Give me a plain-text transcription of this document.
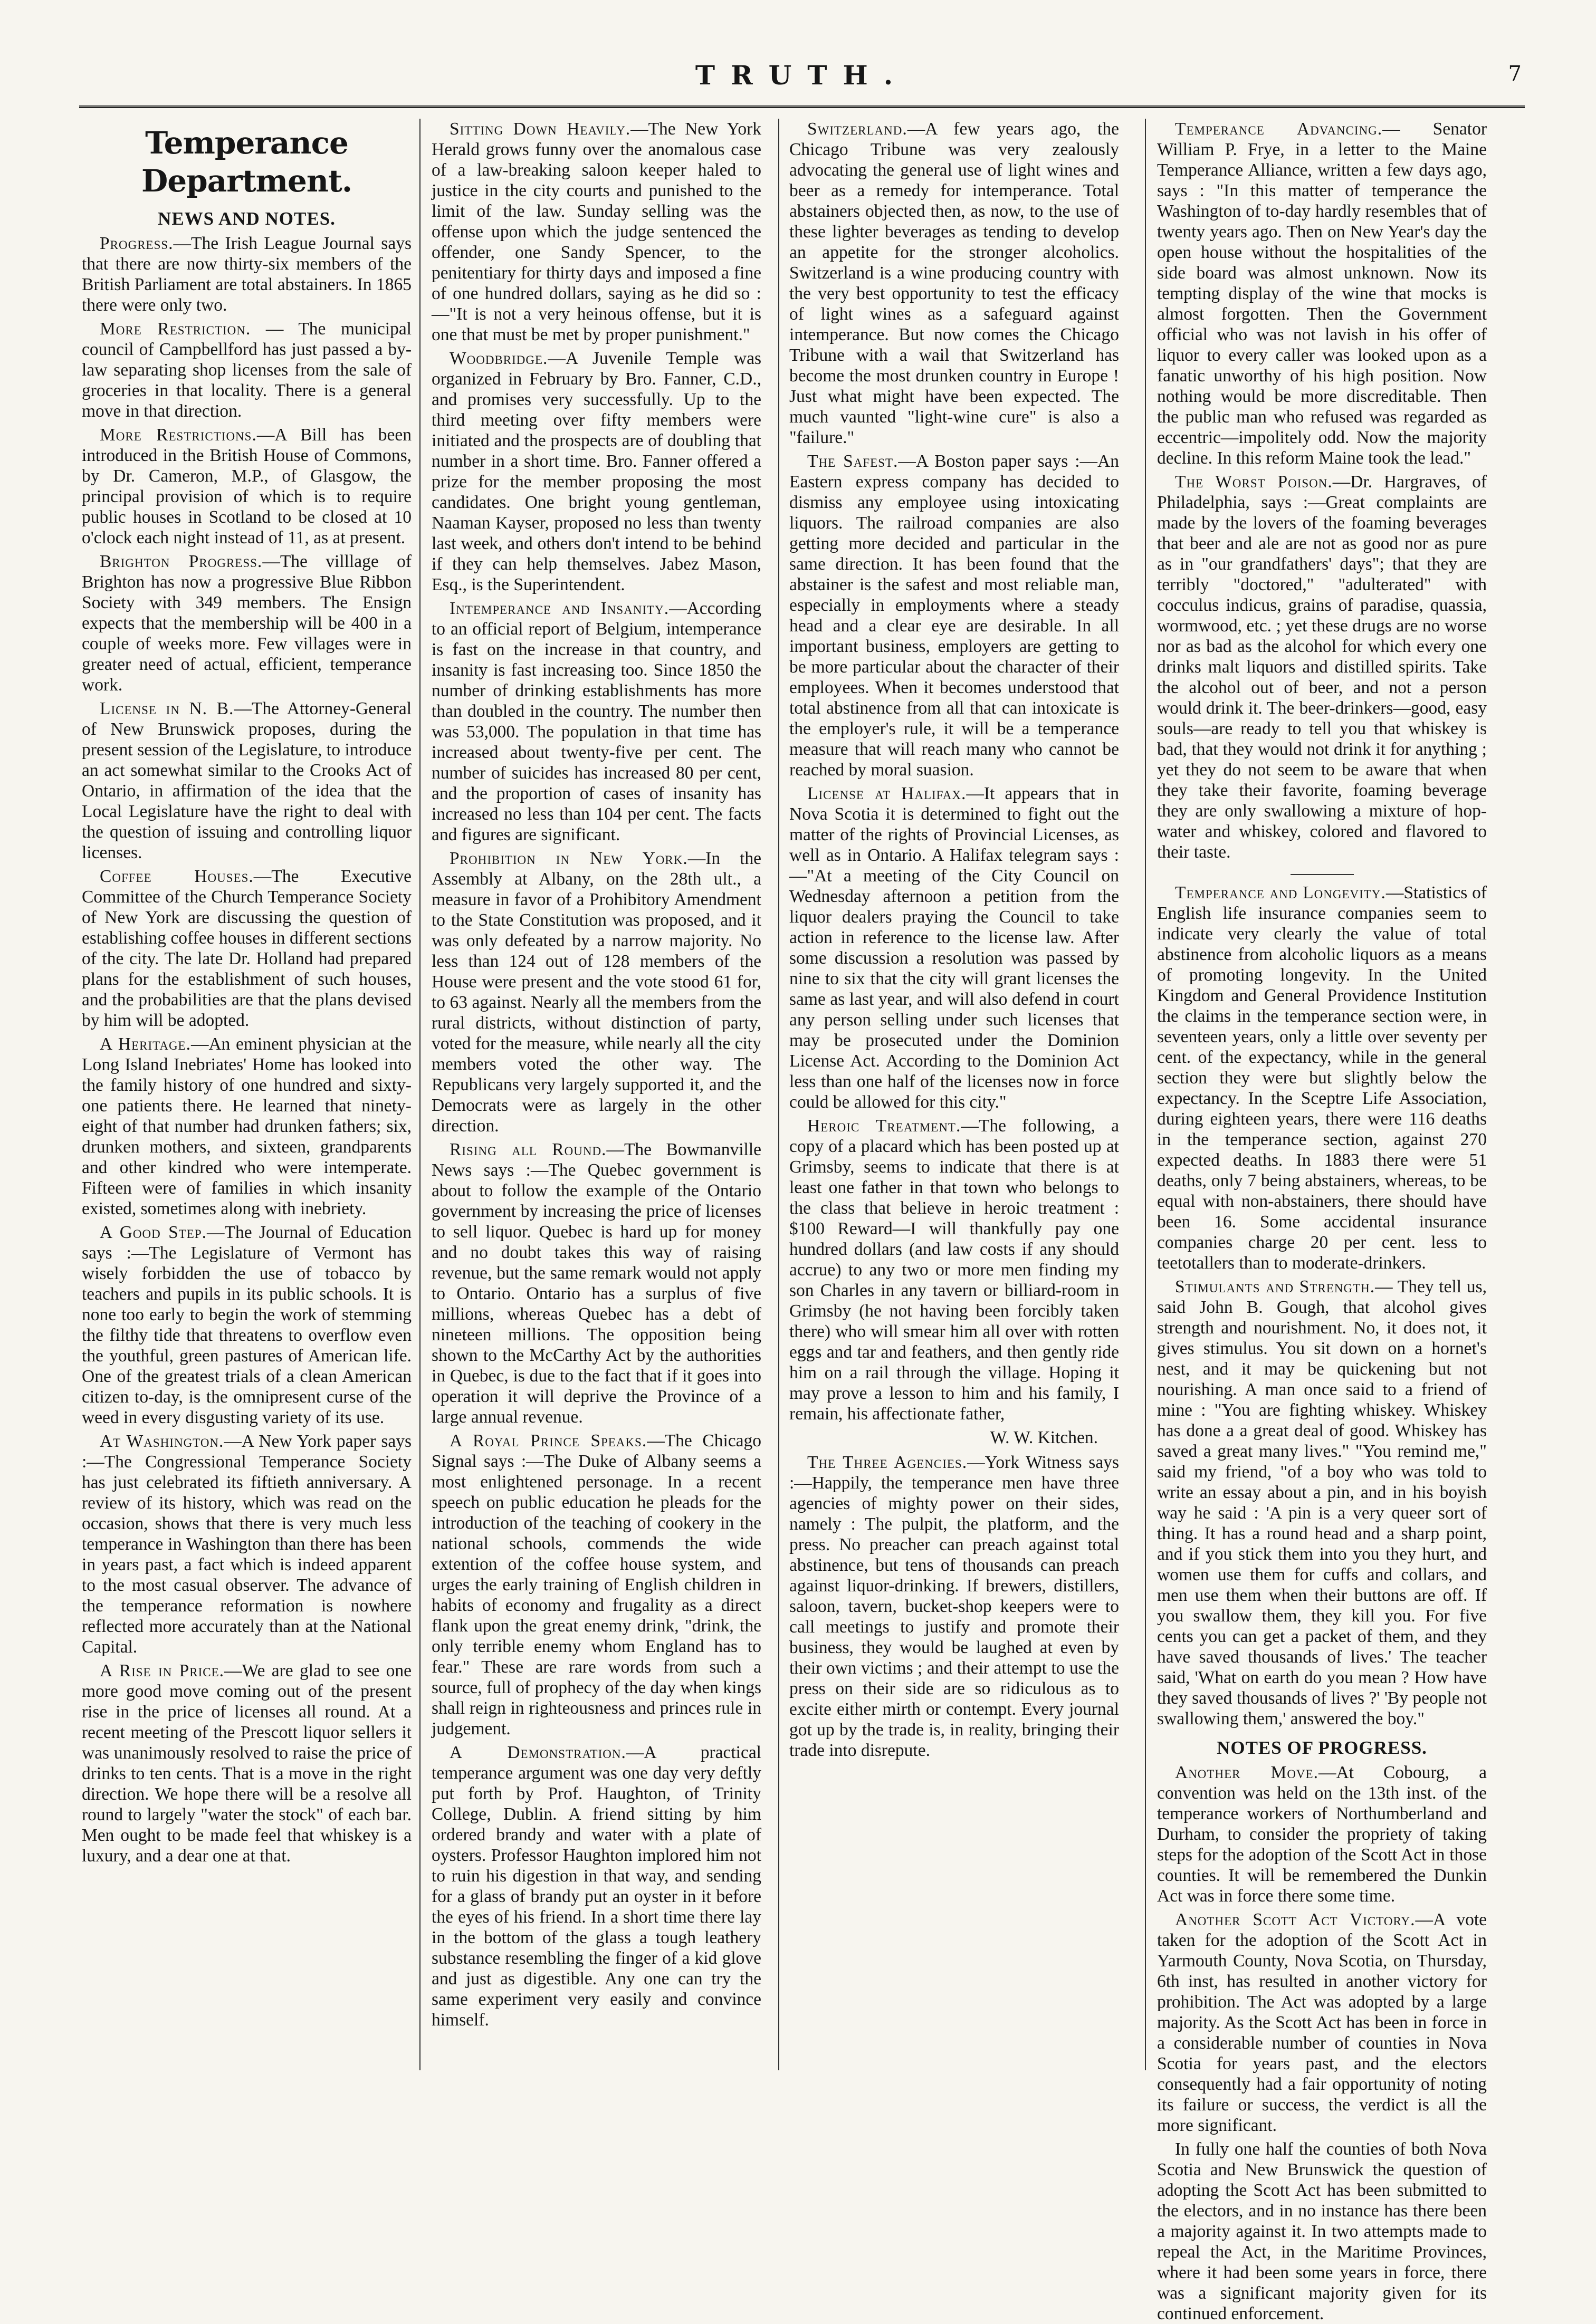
TRUTH.	7
Temperance Department.
NEWS AND NOTES.

Progress.—The Irish League Journal says that there are now thirty-six members of the British Parliament are total abstainers. In 1865 there were only two.

More Restriction. — The municipal council of Campbellford has just passed a by-law separating shop licenses from the sale of groceries in that locality. There is a general move in that direction.

More Restrictions.—A Bill has been introduced in the British House of Commons, by Dr. Cameron, M.P., of Glasgow, the principal provision of which is to require public houses in Scotland to be closed at 10 o'clock each night instead of 11, as at present.

Brighton Progress.—The villlage of Brighton has now a progressive Blue Ribbon Society with 349 members. The Ensign expects that the membership will be 400 in a couple of weeks more. Few villages were in greater need of actual, efficient, temperance work.

License in N. B.—The Attorney-General of New Brunswick proposes, during the present session of the Legislature, to introduce an act somewhat similar to the Crooks Act of Ontario, in affirmation of the idea that the Local Legislature have the right to deal with the question of issuing and controlling liquor licenses.

Coffee Houses.—The Executive Committee of the Church Temperance Society of New York are discussing the question of establishing coffee houses in different sections of the city. The late Dr. Holland had prepared plans for the establishment of such houses, and the probabilities are that the plans devised by him will be adopted.

A Heritage.—An eminent physician at the Long Island Inebriates' Home has looked into the family history of one hundred and sixty-one patients there. He learned that ninety-eight of that number had drunken fathers; six, drunken mothers, and sixteen, grandparents and other kindred who were intemperate. Fifteen were of families in which insanity existed, sometimes along with inebriety.

A Good Step.—The Journal of Education says :—The Legislature of Vermont has wisely forbidden the use of tobacco by teachers and pupils in its public schools. It is none too early to begin the work of stemming the filthy tide that threatens to overflow even the youthful, green pastures of American life. One of the greatest trials of a clean American citizen to-day, is the omnipresent curse of the weed in every disgusting variety of its use.

At Washington.—A New York paper says :—The Congressional Temperance Society has just celebrated its fiftieth anniversary. A review of its history, which was read on the occasion, shows that there is very much less temperance in Washington than there has been in years past, a fact which is indeed apparent to the most casual observer. The advance of the temperance reformation is nowhere reflected more accurately than at the National Capital.

A Rise in Price.—We are glad to see one more good move coming out of the present rise in the price of licenses all round. At a recent meeting of the Prescott liquor sellers it was unanimously resolved to raise the price of drinks to ten cents. That is a move in the right direction. We hope there will be a resolve all round to largely "water the stock" of each bar. Men ought to be made feel that whiskey is a luxury, and a dear one at that.

Sitting Down Heavily.—The New York Herald grows funny over the anomalous case of a law-breaking saloon keeper haled to justice in the city courts and punished to the limit of the law. Sunday selling was the offense upon which the judge sentenced the offender, one Sandy Spencer, to the penitentiary for thirty days and imposed a fine of one hundred dollars, saying as he did so :—"It is not a very heinous offense, but it is one that must be met by proper punishment."

Woodbridge.—A Juvenile Temple was organized in February by Bro. Fanner, C.D., and promises very successfully. Up to the third meeting over fifty members were initiated and the prospects are of doubling that number in a short time. Bro. Fanner offered a prize for the member proposing the most candidates. One bright young gentleman, Naaman Kayser, proposed no less than twenty last week, and others don't intend to be behind if they can help themselves. Jabez Mason, Esq., is the Superintendent.

Intemperance and Insanity.—According to an official report of Belgium, intemperance is fast on the increase in that country, and insanity is fast increasing too. Since 1850 the number of drinking establishments has more than doubled in the country. The number then was 53,000. The population in that time has increased about twenty-five per cent. The number of suicides has increased 80 per cent, and the proportion of cases of insanity has increased no less than 104 per cent. The facts and figures are significant.

Prohibition in New York.—In the Assembly at Albany, on the 28th ult., a measure in favor of a Prohibitory Amendment to the State Constitution was proposed, and it was only defeated by a narrow majority. No less than 124 out of 128 members of the House were present and the vote stood 61 for, to 63 against. Nearly all the members from the rural districts, without distinction of party, voted for the measure, while nearly all the city members voted the other way. The Republicans very largely supported it, and the Democrats were as largely in the other direction.

Rising all Round.—The Bowmanville News says :—The Quebec government is about to follow the example of the Ontario government by increasing the price of licenses to sell liquor. Quebec is hard up for money and no doubt takes this way of raising revenue, but the same remark would not apply to Ontario. Ontario has a surplus of five millions, whereas Quebec has a debt of nineteen millions. The opposition being shown to the McCarthy Act by the authorities in Quebec, is due to the fact that if it goes into operation it will deprive the Province of a large annual revenue.

A Royal Prince Speaks.—The Chicago Signal says :—The Duke of Albany seems a most enlightened personage. In a recent speech on public education he pleads for the introduction of the teaching of cookery in the national schools, commends the wide extention of the coffee house system, and urges the early training of English children in habits of economy and frugality as a direct flank upon the great enemy drink, "drink, the only terrible enemy whom England has to fear." These are rare words from such a source, full of prophecy of the day when kings shall reign in righteousness and princes rule in judgement.

A Demonstration.—A practical temperance argument was one day very deftly put forth by Prof. Haughton, of Trinity College, Dublin. A friend sitting by him ordered brandy and water with a plate of oysters. Professor Haughton implored him not to ruin his digestion in that way, and sending for a glass of brandy put an oyster in it before the eyes of his friend. In a short time there lay in the bottom of the glass a tough leathery substance resembling the finger of a kid glove and just as digestible. Any one can try the same experiment very easily and convince himself.

Switzerland.—A few years ago, the Chicago Tribune was very zealously advocating the general use of light wines and beer as a remedy for intemperance. Total abstainers objected then, as now, to the use of these lighter beverages as tending to develop an appetite for the stronger alcoholics. Switzerland is a wine producing country with the very best opportunity to test the efficacy of light wines as a safeguard against intemperance. But now comes the Chicago Tribune with a wail that Switzerland has become the most drunken country in Europe ! Just what might have been expected. The much vaunted "light-wine cure" is also a "failure."

The Safest.—A Boston paper says :—An Eastern express company has decided to dismiss any employee using intoxicating liquors. The railroad companies are also getting more decided and particular in the same direction. It has been found that the abstainer is the safest and most reliable man, especially in employments where a steady head and a clear eye are desirable. In all important business, employers are getting to be more particular about the character of their employees. When it becomes understood that total abstinence from all that can intoxicate is the employer's rule, it will be a temperance measure that will reach many who cannot be reached by moral suasion.

License at Halifax.—It appears that in Nova Scotia it is determined to fight out the matter of the rights of Provincial Licenses, as well as in Ontario. A Halifax telegram says :—"At a meeting of the City Council on Wednesday afternoon a petition from the liquor dealers praying the Council to take action in reference to the license law. After some discussion a resolution was passed by nine to six that the city will grant licenses the same as last year, and will also defend in court any person selling under such licenses that may be prosecuted under the Dominion License Act. According to the Dominion Act less than one half of the licenses now in force could be allowed for this city."

Heroic Treatment.—The following, a copy of a placard which has been posted up at Grimsby, seems to indicate that there is at least one father in that town who belongs to the class that believe in heroic treatment : $100 Reward—I will thankfully pay one hundred dollars (and law costs if any should accrue) to any two or more men finding my son Charles in any tavern or billiard-room in Grimsby (he not having been forcibly taken there) who will smear him all over with rotten eggs and tar and feathers, and then gently ride him on a rail through the village. Hoping it may prove a lesson to him and his family, I remain, his affectionate father,

W. W. Kitchen.

The Three Agencies.—York Witness says :—Happily, the temperance men have three agencies of mighty power on their sides, namely : The pulpit, the platform, and the press. No preacher can preach against total abstinence, but tens of thousands can preach against liquor-drinking. If brewers, distillers, saloon, tavern, bucket-shop keepers were to call meetings to justify and promote their business, they would be laughed at even by their own victims ; and their attempt to use the press on their side are so ridiculous as to excite either mirth or contempt. Every journal got up by the trade is, in reality, bringing their trade into disrepute.

Temperance Advancing.— Senator William P. Frye, in a letter to the Maine Temperance Alliance, written a few days ago, says : "In this matter of temperance the Washington of to-day hardly resembles that of twenty years ago. Then on New Year's day the open house without the hospitalities of the side board was almost unknown. Now its tempting display of the wine that mocks is almost forgotten. Then the Government official who was not lavish in his offer of liquor to every caller was looked upon as a fanatic unworthy of his high position. Now nothing would be more discreditable. Then the public man who refused was regarded as eccentric—impolitely odd. Now the majority decline. In this reform Maine took the lead."

The Worst Poison.—Dr. Hargraves, of Philadelphia, says :—Great complaints are made by the lovers of the foaming beverages that beer and ale are not as good nor as pure as in "our grandfathers' days"; that they are terribly "doctored," "adulterated" with cocculus indicus, grains of paradise, quassia, wormwood, etc. ; yet these drugs are no worse nor as bad as the alcohol for which every one drinks malt liquors and distilled spirits. Take the alcohol out of beer, and not a person would drink it. The beer-drinkers—good, easy souls—are ready to tell you that whiskey is bad, that they would not drink it for anything ; yet they do not seem to be aware that when they take their favorite, foaming beverage they are only swallowing a mixture of hop-water and whiskey, colored and flavored to their taste.

Temperance and Longevity.—Statistics of English life insurance companies seem to indicate very clearly the value of total abstinence from alcoholic liquors as a means of promoting longevity. In the United Kingdom and General Providence Institution the claims in the temperance section were, in seventeen years, only a little over seventy per cent. of the expectancy, while in the general section they were but slightly below the expectancy. In the Sceptre Life Association, during eighteen years, there were 116 deaths in the temperance section, against 270 expected deaths. In 1883 there were 51 deaths, only 7 being abstainers, whereas, to be equal with non-abstainers, there should have been 16. Some accidental insurance companies charge 20 per cent. less to teetotallers than to moderate-drinkers.

Stimulants and Strength.— They tell us, said John B. Gough, that alcohol gives strength and nourishment. No, it does not, it gives stimulus. You sit down on a hornet's nest, and it may be quickening but not nourishing. A man once said to a friend of mine : "You are fighting whiskey. Whiskey has done a a great deal of good. Whiskey has saved a great many lives." "You remind me," said my friend, "of a boy who was told to write an essay about a pin, and in his boyish way he said : 'A pin is a very queer sort of thing. It has a round head and a sharp point, and if you stick them into you they hurt, and women use them for cuffs and collars, and men use them when their buttons are off. If you swallow them, they kill you. For five cents you can get a packet of them, and they have saved thousands of lives.' The teacher said, 'What on earth do you mean ? How have they saved thousands of lives ?' 'By people not swallowing them,' answered the boy."

NOTES OF PROGRESS.

Another Move.—At Cobourg, a convention was held on the 13th inst. of the temperance workers of Northumberland and Durham, to consider the propriety of taking steps for the adoption of the Scott Act in those counties. It will be remembered the Dunkin Act was in force there some time.

Another Scott Act Victory.—A vote taken for the adoption of the Scott Act in Yarmouth County, Nova Scotia, on Thursday, 6th inst, has resulted in another victory for prohibition. The Act was adopted by a large majority. As the Scott Act has been in force in a considerable number of counties in Nova Scotia for years past, and the electors consequently had a fair opportunity of noting its failure or success, the verdict is all the more significant.

In fully one half the counties of both Nova Scotia and New Brunswick the question of adopting the Scott Act has been submitted to the electors, and in no instance has there been a majority against it. In two attempts made to repeal the Act, in the Maritime Provinces, where it had been some years in force, there was a significant majority given for its continued enforcement.
